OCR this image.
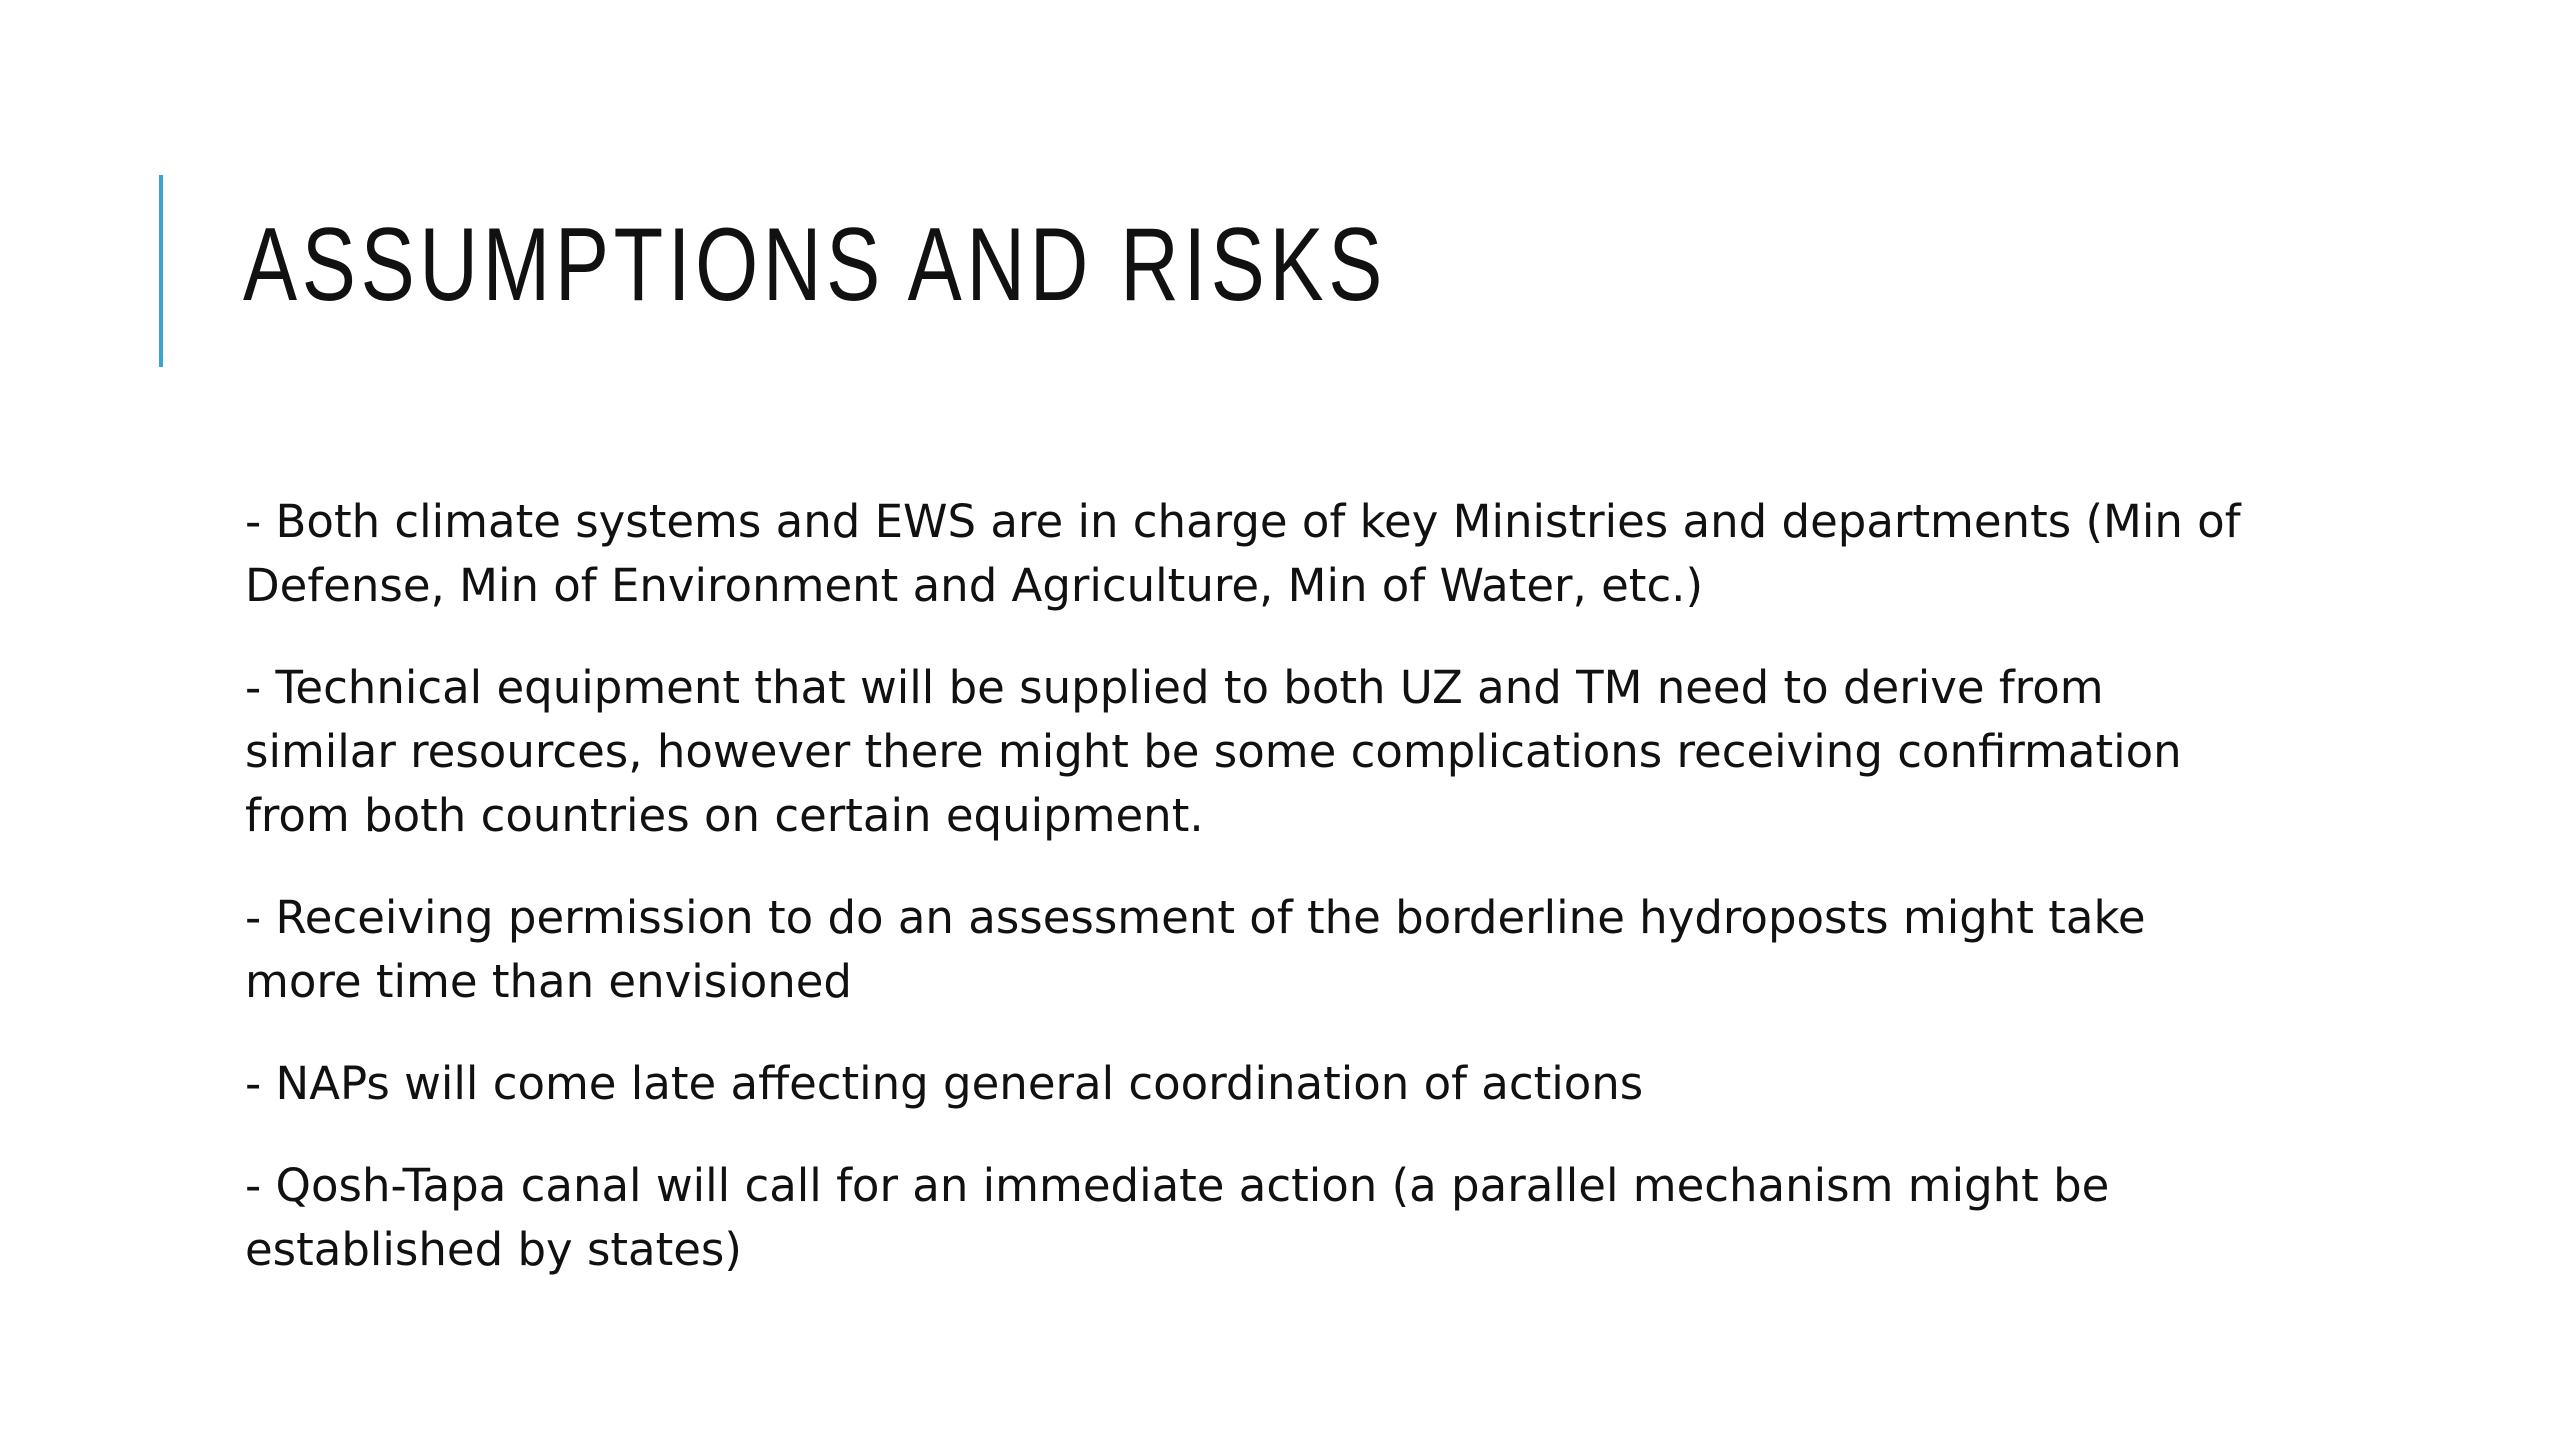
ASSUMPTIONS AND RISKS

- Both climate systems and EWS are in charge of key Ministries and departments (Min of Defense, Min of Environment and Agriculture, Min of Water, etc.)

- Technical equipment that will be supplied to both UZ and TM need to derive from similar resources, however there might be some complications receiving confirmation from both countries on certain equipment.

- Receiving permission to do an assessment of the borderline hydroposts might take more time than envisioned

- NAPs will come late affecting general coordination of actions

- Qosh-Tapa canal will call for an immediate action (a parallel mechanism might be established by states)
